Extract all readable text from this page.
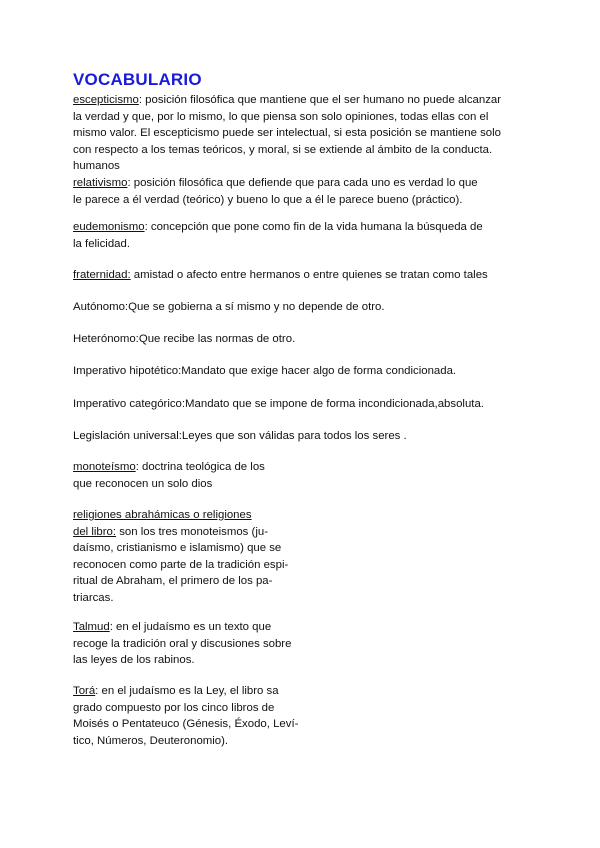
VOCABULARIO
escepticismo: posición filosófica que mantiene que el ser humano no puede alcanzar
la verdad y que, por lo mismo, lo que piensa son solo opiniones, todas ellas con el
mismo valor. El escepticismo puede ser intelectual, si esta posición se mantiene solo
con respecto a los temas teóricos, y moral, si se extiende al ámbito de la conducta.
humanos
relativismo: posición filosófica que defiende que para cada uno es verdad lo que
le parece a él verdad (teórico) y bueno lo que a él le parece bueno (práctico).
eudemonismo: concepción que pone como fin de la vida humana la búsqueda de
la felicidad.
fraternidad: amistad o afecto entre hermanos o entre quienes se tratan como tales
Autónomo:Que se gobierna a sí mismo y no depende de otro.
Heterónomo:Que recibe las normas de otro.
Imperativo hipotético:Mandato que exige hacer algo de forma condicionada.
Imperativo categórico:Mandato que se impone de forma incondicionada,absoluta.
Legislación universal:Leyes que son válidas para todos los seres .
monoteísmo: doctrina teológica de los
que reconocen un solo dios
religiones abrahámicas o religiones
del libro: son los tres monoteismos (ju-
daísmo, cristianismo e islamismo) que se
reconocen como parte de la tradición espi-
ritual de Abraham, el primero de los pa-
triarcas.
Talmud: en el judaísmo es un texto que
recoge la tradición oral y discusiones sobre
las leyes de los rabinos.
Torá: en el judaísmo es la Ley, el libro sa
grado compuesto por los cinco libros de
Moisés o Pentateuco (Génesis, Éxodo, Leví-
tico, Números, Deuteronomio).
